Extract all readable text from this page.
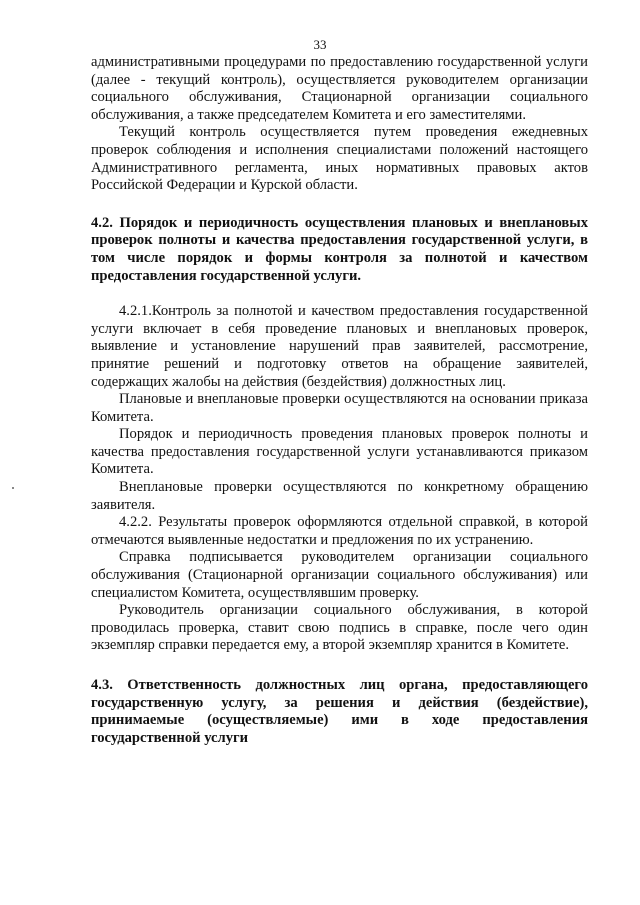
33

административными процедурами по предоставлению государственной услуги (далее - текущий контроль), осуществляется руководителем организации социального обслуживания, Стационарной организации социального обслуживания, а также председателем Комитета и его заместителями.

Текущий контроль осуществляется путем проведения ежедневных проверок соблюдения и исполнения специалистами положений настоящего Административного регламента, иных нормативных правовых актов Российской Федерации и Курской области.

4.2. Порядок и периодичность осуществления плановых и внеплановых проверок полноты и качества предоставления государственной услуги, в том числе порядок и формы контроля за полнотой и качеством предоставления государственной услуги.

4.2.1.Контроль за полнотой и качеством предоставления государственной услуги включает в себя проведение плановых и внеплановых проверок, выявление и установление нарушений прав заявителей, рассмотрение, принятие решений и подготовку ответов на обращение заявителей, содержащих жалобы на действия (бездействия) должностных лиц.

Плановые и внеплановые проверки осуществляются на основании приказа Комитета.

Порядок и периодичность проведения плановых проверок полноты и качества предоставления государственной услуги устанавливаются приказом Комитета.

Внеплановые проверки осуществляются по конкретному обращению заявителя.

4.2.2. Результаты проверок оформляются отдельной справкой, в которой отмечаются выявленные недостатки и предложения по их устранению.

Справка подписывается руководителем организации социального обслуживания (Стационарной организации социального обслуживания) или специалистом Комитета, осуществлявшим проверку.

Руководитель организации социального обслуживания, в которой проводилась проверка, ставит свою подпись в справке, после чего один экземпляр справки передается ему, а второй экземпляр хранится в Комитете.

4.3. Ответственность должностных лиц органа, предоставляющего государственную услугу, за решения и действия (бездействие), принимаемые (осуществляемые) ими в ходе предоставления государственной услуги
